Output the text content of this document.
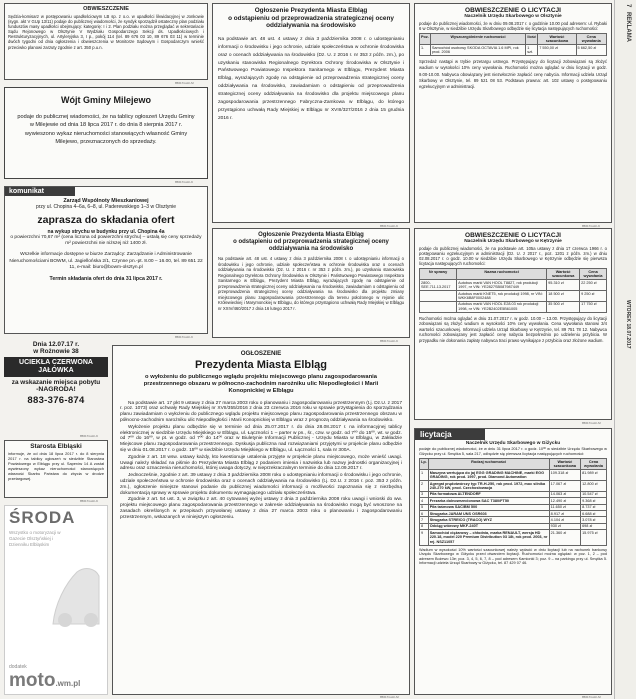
OBWIESZCZENIE
Sędzia-komisarz w postępowaniu upadłościowym LB sp. z o.o. w upadłości likwidacyjnej w Jonkowie (sygn. akt V GUp 13/11) podaje do publicznej wiadomości, że syndyk sporządził ostateczny plan podziału funduszów masy upadłości obejmujący: kategorię: I i 2. Plan podziału można przeglądać w sekretariacie Sądu Rejonowego w Olsztynie V Wydziału Gospodarczego Sekcji ds. Upadłościowych i Restrukturyzacyjnych, ul. Artyleryjska 3, I p., pokój 114 (tel. 89 676 03 10, 89 676 03 11) w terminie dwóch tygodni od dnia ogłoszenia i obwieszczenia w Monitorze Sądowym i Gospodarczym wnieść przeciwko planowi zarzuty zgodnie z art. 350 p.u.n.
85617/ud-h-M
Wójt Gminy Milejewo
podaje do publicznej wiadomości, że na tablicy ogłoszeń Urzędu Gminy w Milejewie od dnia 18 lipca 2017 r. do dnia 8 sierpnia 2017 r. wywieszono wykaz nieruchomości stanowiących własność Gminy Milejewo, przeznaczonych do sprzedaży.
85617/ud-h-K
Ogłoszenie Prezydenta Miasta Elbląg
o odstąpieniu od przeprowadzenia strategicznej oceny oddziaływania na środowisko
Na podstawie art. 48 ust. 4 ustawy z dnia 3 października 2008 r. o udostępnianiu informacji o środowisku i jego ochronie, udziale społeczeństwa w ochronie środowiska oraz o ocenach oddziaływania na środowisko (Dz. U. z 2016 r. nr 353 z późn. zm.), po uzyskaniu stanowiska Regionalnego Dyrektora Ochrony Środowiska w Olsztynie i Państwowego Powiatowego Inspektora Sanitarnego w Elblągu, Prezydent Miasta Elbląg, wyrażających zgodę na odstąpienie od przeprowadzenia strategicznej oceny oddziaływania na środowisko, zawiadamiam o odstąpieniu od przeprowadzenia strategicznej oceny oddziaływania na środowisko dla projektu miejscowego planu zagospodarowania przestrzennego Fabryczna-Zamkowa w Elblągu, do którego przystąpiono uchwałą Rady Miejskiej w Elblągu nr XVIII/327/2016 z dnia 15 grudnia 2016 r.
85617/ud-h-K
OBWIESZCZENIE O LICYTACJI
Naczelnik Urzędu Skarbowego w Olsztynie
podaje do publicznej wiadomości, że w dniu 09.08.2017 r. o godzinie 10.00 pod adresem: ul. Rybaki 6 w Olsztynie, w siedzibie Urzędu Skarbowego odbędzie się licytacja następujących ruchomości:
Poz.	Wyszczególnienie ruchomości	Ilość	Wartość szacunkowa	Cena wywołania
1.	Samochód osobowy SKODA OCTAVIA 1.6 MPI, rok prod. 2006	1 szt.	7 550,00 zł	5 662,50 zł
Sprzedaż nastąpi w trybie przetargu ustnego. Przystępujący do licytacji zobowiązani są złożyć wadium w wysokości 10% ceny wywołania. Ruchomości można oglądać w dniu licytacji w godz. 9.00-10.00. Nabywca obowiązany jest niezwłocznie zapłacić cenę nabycia. Informacji udziela Urząd Skarbowy w Olsztynie, tel. 89 521 08 53. Podstawa prawna: art. 102 ustawy o postępowaniu egzekucyjnym w administracji.
85617/ud-h-K
komunikat
Zarząd Wspólnoty Mieszkaniowej
przy ul. Chopina 4–6a, 6–8, ul. Paderewskiego 1–3 w Olsztynie
zaprasza do składania ofert
na wykup strychu w budynku przy ul. Chopina 4a
o powierzchni 70,67 m² (cena liczona od powierzchni strychu) – ustalą się ceny sprzedaży m² powierzchni nie niższej niż 1400 zł.
Wszelkie informacje dostępne w biurze Zarządcy: Zarządzanie i Administrowanie Nieruchomościami BOWM, ul. Jagiellońska 2/1, Czynne pn.-pt. 8.00 – 16.00, tel. 89 651 22 11, e-mail: biuro@bowm-olsztyn.pl
Termin składania ofert do dnia 31 lipca 2017 r.
85617/ud-h-K
Ogłoszenie Prezydenta Miasta Elbląg
o odstąpieniu od przeprowadzenia strategicznej oceny oddziaływania na środowisko
Na podstawie art. 48 ust. 4 ustawy z dnia 3 października 2008 r. o udostępnianiu informacji o środowisku i jego ochronie, udziale społeczeństwa w ochronie środowiska oraz o ocenach oddziaływania na środowisko (Dz. U. z 2016 r. nr 353 z późn. zm.), po uzyskaniu stanowiska Regionalnego Dyrektora Ochrony Środowiska w Olsztynie i Państwowego Powiatowego Inspektora Sanitarnego w Elblągu, Prezydent Miasta Elbląg, wyrażających zgodę na odstąpienie od przeprowadzenia strategicznej oceny oddziaływania na środowisko, zawiadamiam o odstąpieniu od przeprowadzenia strategicznej oceny oddziaływania na środowisko dla projektu zmiany miejscowego planu zagospodarowania przestrzennego dla terenu położonego w rejonie ulic Królewieckiej i Marymonckiej w Elblągu, do którego przystąpiono uchwałą Rady Miejskiej w Elblągu nr XXIV/460/2017 z dnia 16 lutego 2017 r.
85617/ud-h-K
OBWIESZCZENIE O LICYTACJI
Naczelnik Urzędu Skarbowego w Kętrzynie
podaje do publicznej wiadomości, że na podstawie art. 105a ustawy z dnia 17 czerwca 1966 r. o postępowaniu egzekucyjnym w administracji (Dz. U. z 2017 r., poz. 1201 z późn. zm.) w dniu 02.08.2017 r. o godz. 10.00 w siedzibie Urzędu Skarbowego w Kętrzynie odbędzie się pierwsza licytacja następujących ruchomości:
Nr sprawy	Nazwa ruchomości	Wartość szacunkowa	Cena wywołania
2800-SEE.711.13.2017	Autobus marki VAN HOOL T8827, rok produkcji 1997, nr VIN: YE2827SB087987449	95.310 zł	22 250 zł
	Autobus marki KNET5, rok produkcji 1998, nr VIN: WKK6B8F0002488	18 500 zł	9 250 zł
	Autobus marki VAN HOOL E28.03 rok produkcji 1998, nr VIN: YE2B2402E5B61005	35 500 zł	17 750 zł
Ruchomości można oglądać w dniu 31.07.2017 r. w godz. 10.00 – 13.00. Przystępujący do licytacji zobowiązani są złożyć wadium w wysokości 10% ceny wywołania. Cena wywołania stanowi 3/4 wartości szacunkowej. Informacji udziela Urząd Skarbowy w Kętrzynie, tel. 89 751 78 12. Nabywca ruchomości zobowiązany jest zapłacić cenę nabycia bezpośrednio po udzieleniu przybicia. W przypadku nie dokonania zapłaty nabywca traci prawo wynikające z przybicia oraz złożone wadium.
85617/ud-h-M
Dnia 12.07.17 r.
w Rożnowie 38
UCIEKŁA CZERWONA JAŁÓWKA
za wskazanie miejsca pobytu
-NAGRODA!
883-376-874
85617/ud-h-K
Starosta Elbląski
informuje, że od dnia 18 lipca 2017 r. do 8 sierpnia 2017 r. na tablicy ogłoszeń w siedzibie Starostwa Powiatowego w Elblągu przy ul. Saperów 14 A został wywieszony wykaz nieruchomości stanowiących własność Skarbu Państwa do zbycia w drodze przetargowej.
85617/ud-h-K
ŚRODA
Wszystko o motoryzacji w Gazecie Olsztyńskiej i Dzienniku Elbląskim
dodatek
moto.wm.pl
OGŁOSZENIE
Prezydenta Miasta Elbląg
o wyłożeniu do publicznego wglądu projektu miejscowego planu zagospodarowania przestrzennego obszaru w północno-zachodnim narożniku ulic Niepodległości i Marii Konopnickiej w Elblągu
Na podstawie art. 17 pkt 9 ustawy z dnia 27 marca 2003 roku o planowaniu i zagospodarowaniu przestrzennym (t.j. Dz.U. z 2017 r. poz. 1073) oraz uchwały Rady Miejskiej nr XVII/355/2016 z dnia 23 czerwca 2016 roku w sprawie przystąpienia do sporządzania planu zawiadamiam o wyłożeniu do publicznego wglądu projektu miejscowego planu zagospodarowania przestrzennego obszaru w północno-zachodnim narożniku ulic Niepodległości i Marii Konopnickiej w Elblągu wraz z prognozą oddziaływania na środowisko.
Wyłożenie projektu planu odbędzie się w terminie od dnia 25.07.2017 r. do dnia 28.08.2017 r. na informacyjnej tablicy elektronicznej w siedzibie Urzędu Miejskiego w Elblągu, ul. Łączności 1 – parter w pn., śr., czw. w godz. od 7ºº do 15ºº, wt. w godz. od 7ºº do 16ºº, w pt. w godz. od 7ºº do 14ºº oraz w Biuletynie Informacji Publicznej - Urzędu Miasta w Elblągu, w Zakładzie Miejscowe planu zagospodarowania przestrzennego. Dyskusja publiczna nad rozwiązaniami przyjętymi w projekcie planu odbędzie się w dniu 01.08.2017 r. o godz. 15ºº w siedzibie Urzędu Miejskiego w Elblągu, ul. Łączności 1, sala nr 300A.
Zgodnie z art. 18 wsw. ustawy każdy, kto kwestionuje ustalenia przyjęte w projekcie planu miejscowego, może wnieść uwagi. Uwagi należy składać na piśmie do Prezydenta Miasta Elbląg z podaniem imienia i nazwiska lub nazwy jednostki organizacyjnej i adresu oraz oznaczenia nieruchomości, której uwaga dotyczy, w nieprzekraczalnym terminie do dnia 12.09.2017 r.
Jednocześnie, zgodnie z art. 39 ustawy z dnia 3 października 2008 roku o udostępnianiu informacji o środowisku i jego ochronie, udziale społeczeństwa w ochronie środowiska oraz o ocenach oddziaływania na środowisko (t.j. Dz.U. z 2016 r. poz. 353 z późn. zm.), ogłoszenie niniejsze stanowi podanie do publicznej wiadomości informacji o możliwości zapoznania się z niezbędną dokumentacją sprawy w sprawie projektu dokumentu wymagającego udziału społeczeństwa.
Zgodnie z art. 54 ust. 3, w związku z art. 40 cytowanej wyżej ustawy z dnia 3 października 2008 roku uwagi i wnioski do ww. projektu miejscowego planu zagospodarowania przestrzennego w zakresie oddziaływania na środowisko mogą być wnoszone na zasadach określonych w przepisach przywołanej ustawy z dnia 27 marca 2003 roku o planowaniu i zagospodarowaniu przestrzennym, wskazanych w niniejszym ogłoszeniu.
85617/ud-h-M
licytacja
Naczelnik Urzędu Skarbowego w Giżycku
podaje do publicznej wiadomości, że w dniu 31 lipca 2017 r. o godz. 10ºº w siedzibie Urzędu Skarbowego w Giżycku przy ul. Smętka 5, sala 217, odbędzie się pierwsza licytacja następujących ruchomości:
Lp.	Rodzaj ruchomości	Wartość szacunkowa	Cena wywołania
1	Maszyna wertująca do jaj EGG GRADING MACHINE, marki EGG GRADING, rok prod. 1997, prod. Diamond Automation	109.318 zł	81.989 zł
2	Agregat prądotwórczy typ TR-H-250, rok prod. 1972, moc silnika 240-270 kW, prod. Czechosłowacja	17.067 zł	12.800 zł
3	Piła formatowa ALTENDORF	14.063 zł	10.547 zł
4	Frezarka dolnowrzecionowa SAC T380/FT50	12.490 zł	9.368 zł
5	Piła taśmowa SAC/BM 500	11.650 zł	8.737 zł
6	Strugarka JARAM UNS OSR603	8.917 zł	6.688 zł
7	Strugarka STREICO (TRACO) WYZ	4.104 zł	3.078 zł
8	Odciąg wiórowy MKF-240T	930 zł	698 zł
9	Samochód ciężarowy – chłodnia, marka RENAULT, wersja HD 220.18, model 220 Premium Distribution 03 18t, rok prod. 2003, nr rej. NSZ11057	21.360 zł	15.975 zł
Wadium w wysokości 10% wartości szacunkowej należy wpłacić w dniu licytacji lub na rachunek bankowy Urzędu Skarbowego w Giżycku przed otwarciem licytacji. Ruchomości można oglądać: w poz. 1, 2 – pod adresem Bożewo 13e; poz. 3, 4, 5, 6, 7, 8 – pod adresem Kamionki 3; poz. 9 – na parkingu przy ul. Smętka 5. Informacji udziela Urząd Skarbowy w Giżycku, tel. 87 429 07 46.
85617/ud-h-M
WTOREK 18.07.2017
REKLAMA
7
